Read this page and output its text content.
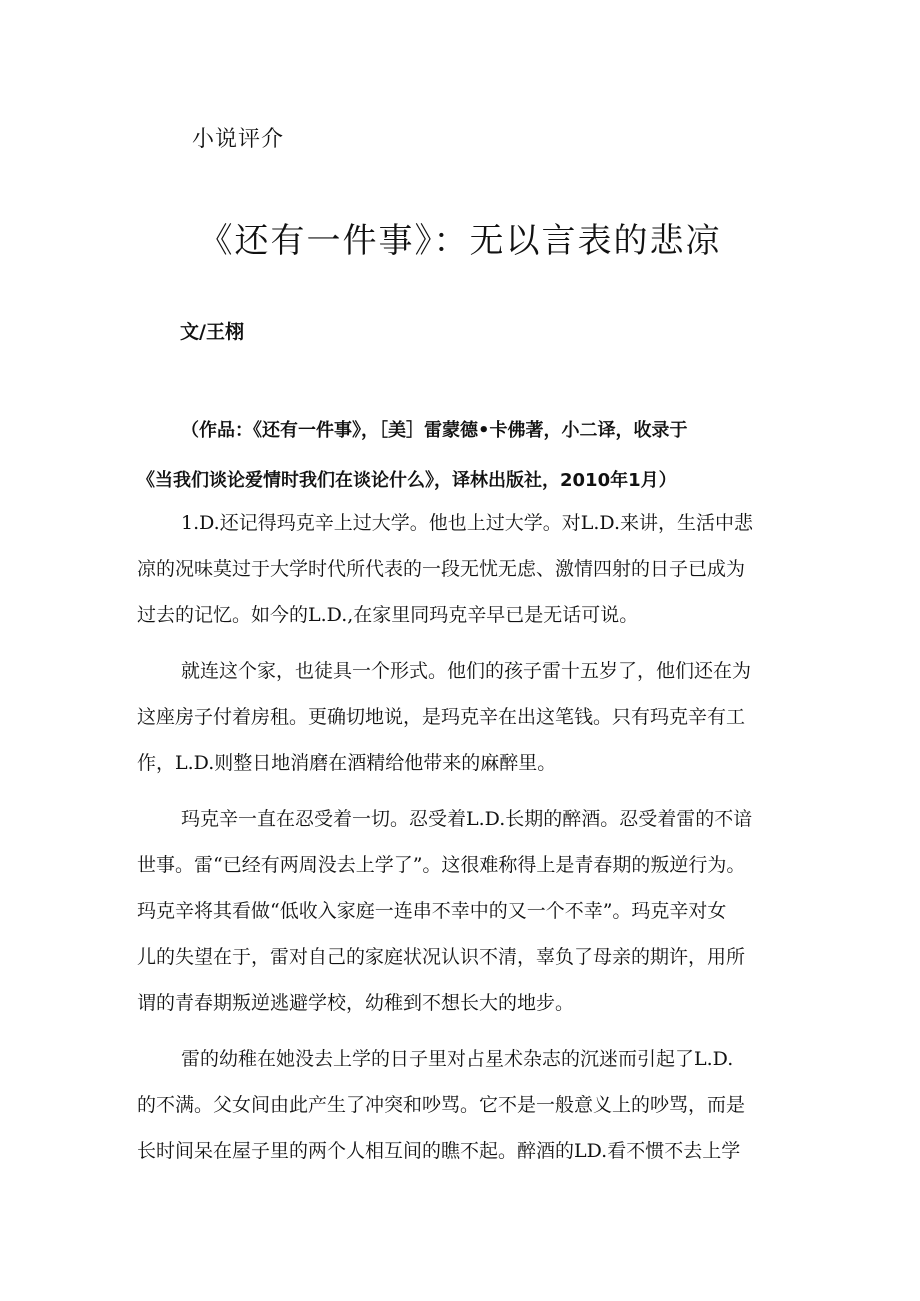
小说评介
《还有一件事》：无以言表的悲凉
文/王栩
（作品：《还有一件事》，［美］雷蒙德•卡佛著，小二译，收录于
《当我们谈论爱情时我们在谈论什么》，译林出版社，2010年1月）
1.D.还记得玛克辛上过大学。他也上过大学。对L.D.来讲，生活中悲
凉的况味莫过于大学时代所代表的一段无忧无虑、激情四射的日子已成为
过去的记忆。如今的L.D.,在家里同玛克辛早已是无话可说。
就连这个家，也徒具一个形式。他们的孩子雷十五岁了，他们还在为
这座房子付着房租。更确切地说，是玛克辛在出这笔钱。只有玛克辛有工
作，L.D.则整日地消磨在酒精给他带来的麻醉里。
玛克辛一直在忍受着一切。忍受着L.D.长期的醉酒。忍受着雷的不谙
世事。雷“已经有两周没去上学了”。这很难称得上是青春期的叛逆行为。
玛克辛将其看做“低收入家庭一连串不幸中的又一个不幸”。玛克辛对女
儿的失望在于，雷对自己的家庭状况认识不清，辜负了母亲的期许，用所
谓的青春期叛逆逃避学校，幼稚到不想长大的地步。
雷的幼稚在她没去上学的日子里对占星术杂志的沉迷而引起了L.D.
的不满。父女间由此产生了冲突和吵骂。它不是一般意义上的吵骂，而是
长时间呆在屋子里的两个人相互间的瞧不起。醉酒的LD.看不惯不去上学
